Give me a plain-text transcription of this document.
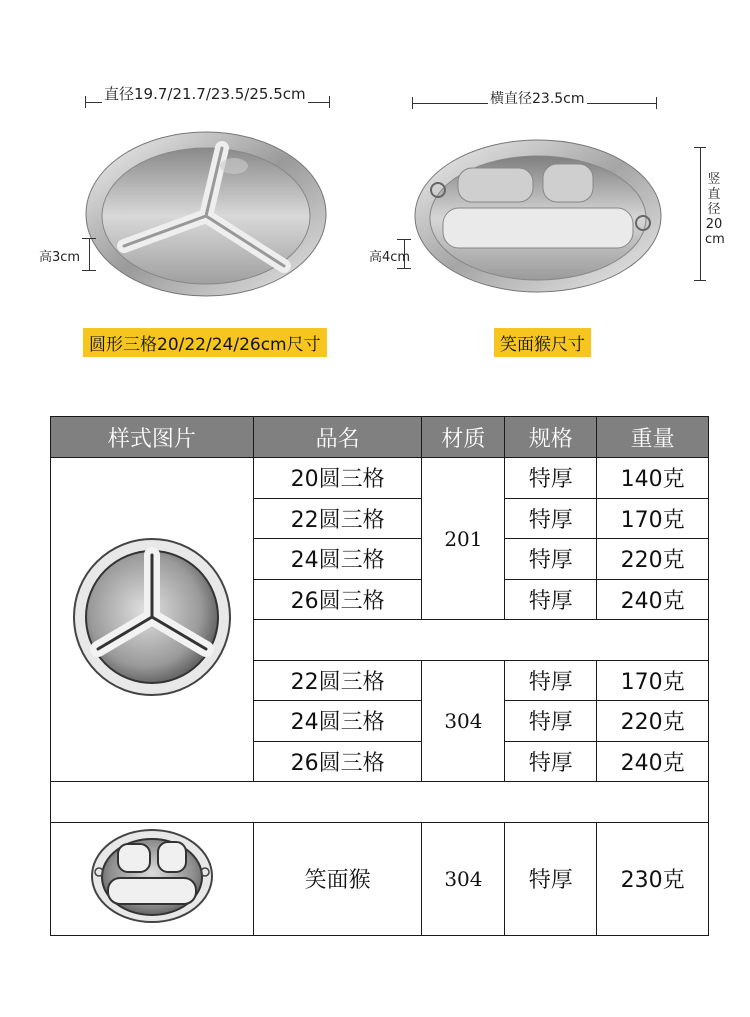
直径19.7/21.7/23.5/25.5cm
高3cm
圆形三格20/22/24/26cm尺寸
横直径23.5cm
高4cm
竖
直
径
20
cm
笑面猴尺寸
样式图片	品名	材质	规格	重量
	20圆三格	201	特厚	140克
	22圆三格		特厚	170克
	24圆三格		特厚	220克
	26圆三格		特厚	240克

	22圆三格	304	特厚	170克
	24圆三格		特厚	220克
	26圆三格		特厚	240克

	笑面猴	304	特厚	230克
